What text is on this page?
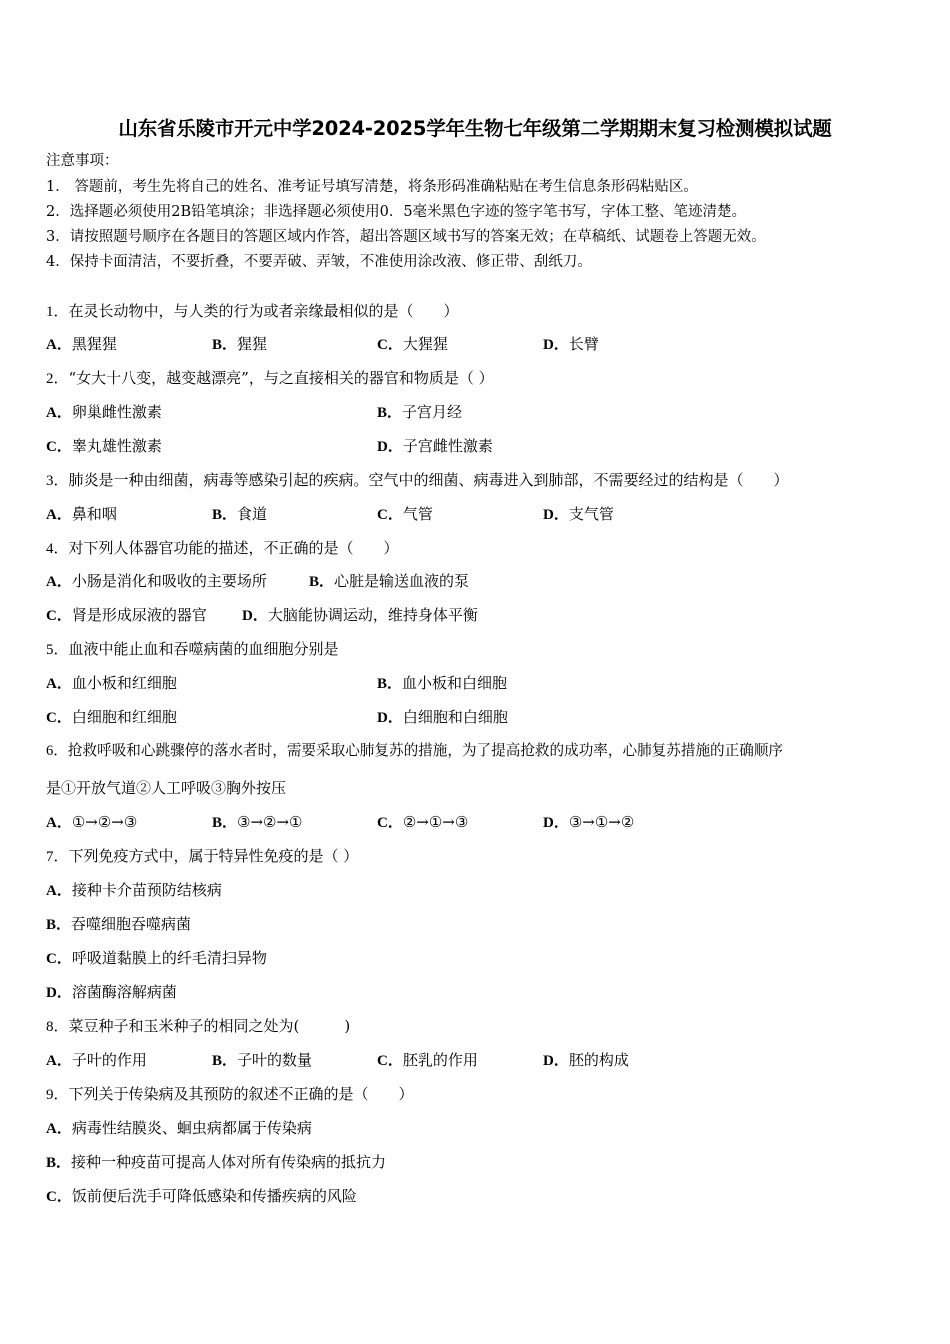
山东省乐陵市开元中学2024-2025学年生物七年级第二学期期末复习检测模拟试题
注意事项：
1． 答题前，考生先将自己的姓名、准考证号填写清楚，将条形码准确粘贴在考生信息条形码粘贴区。
2．选择题必须使用2B铅笔填涂；非选择题必须使用0．5毫米黑色字迹的签字笔书写，字体工整、笔迹清楚。
3．请按照题号顺序在各题目的答题区域内作答，超出答题区域书写的答案无效；在草稿纸、试题卷上答题无效。
4．保持卡面清洁，不要折叠，不要弄破、弄皱，不准使用涂改液、修正带、刮纸刀。
1．在灵长动物中，与人类的行为或者亲缘最相似的是（　　）
A．黑猩猩	B．猩猩	C．大猩猩	D．长臂
2．“女大十八变，越变越漂亮”，与之直接相关的器官和物质是（ ）
A．卵巢雌性激素	B．子宫月经
C．睾丸雄性激素	D．子宫雌性激素
3．肺炎是一种由细菌，病毒等感染引起的疾病。空气中的细菌、病毒进入到肺部，不需要经过的结构是（　　）
A．鼻和咽	B．食道	C．气管	D．支气管
4．对下列人体器官功能的描述，不正确的是（　　）
A．小肠是消化和吸收的主要场所	B．心脏是输送血液的泵
C．肾是形成尿液的器官 D．大脑能协调运动，维持身体平衡
5．血液中能止血和吞噬病菌的血细胞分别是
A．血小板和红细胞	B．血小板和白细胞
C．白细胞和红细胞	D．白细胞和白细胞
6．抢救呼吸和心跳骤停的落水者时，需要采取心肺复苏的措施，为了提高抢救的成功率，心肺复苏措施的正确顺序
是①开放气道②人工呼吸③胸外按压
A．①→②→③	B．③→②→①	C．②→①→③	D．③→①→②
7．下列免疫方式中，属于特异性免疫的是（ ）
A．接种卡介苗预防结核病
B．吞噬细胞吞噬病菌
C．呼吸道黏膜上的纤毛清扫异物
D．溶菌酶溶解病菌
8．菜豆种子和玉米种子的相同之处为(　　　)
A．子叶的作用	B．子叶的数量	C．胚乳的作用	D．胚的构成
9．下列关于传染病及其预防的叙述不正确的是（　　）
A．病毒性结膜炎、蛔虫病都属于传染病
B．接种一种疫苗可提高人体对所有传染病的抵抗力
C．饭前便后洗手可降低感染和传播疾病的风险
